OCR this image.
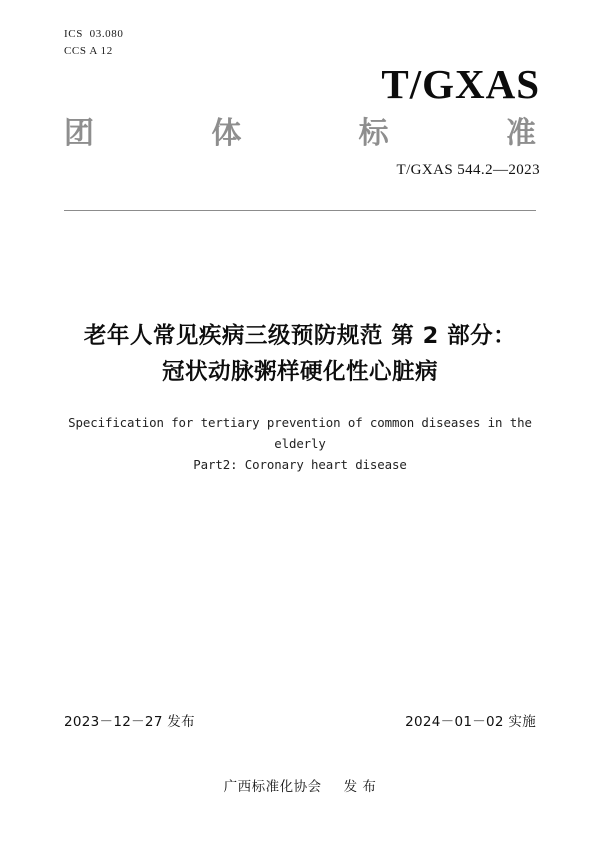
ICS 03.080
CCS A 12
T/GXAS
团	体	标	准
T/GXAS 544.2—2023
老年人常见疾病三级预防规范 第 2 部分：
冠状动脉粥样硬化性心脏病
Specification for tertiary prevention of common diseases in the elderly
Part2: Coronary heart disease
2023－12－27 发布	2024－01－02 实施
广西标准化协会 发 布
